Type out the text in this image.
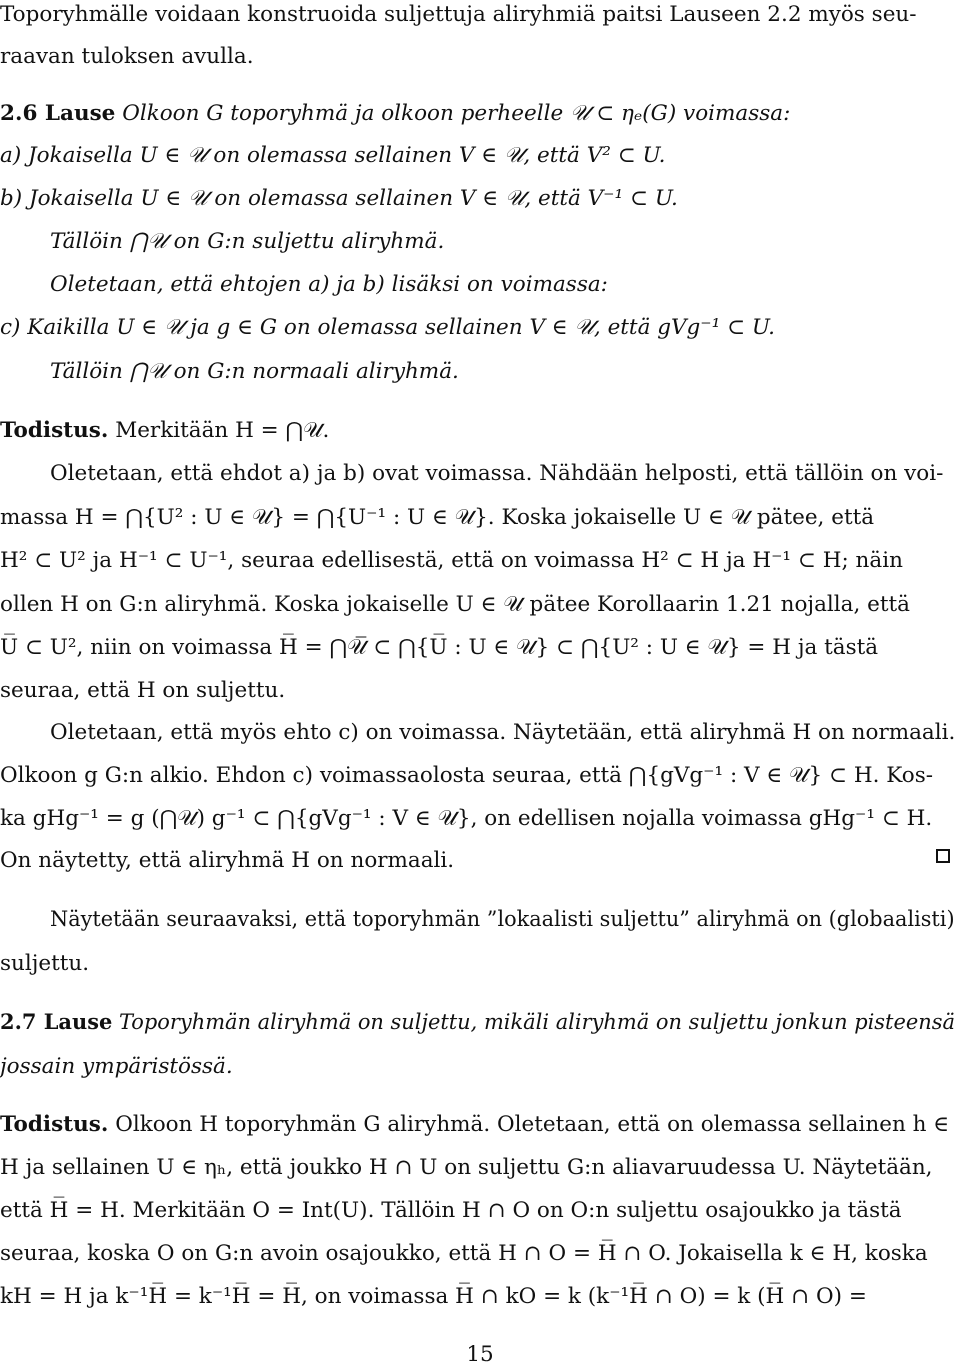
Toporyhmälle voidaan konstruoida suljettuja aliryhmiä paitsi Lauseen 2.2 myös seu-
raavan tuloksen avulla.
2.6 Lause Olkoon G toporyhmä ja olkoon perheelle 𝒰 ⊂ ηₑ(G) voimassa:
a) Jokaisella U ∈ 𝒰 on olemassa sellainen V ∈ 𝒰, että V² ⊂ U.
b) Jokaisella U ∈ 𝒰 on olemassa sellainen V ∈ 𝒰, että V⁻¹ ⊂ U.
Tällöin ⋂𝒰 on G:n suljettu aliryhmä.
Oletetaan, että ehtojen a) ja b) lisäksi on voimassa:
c) Kaikilla U ∈ 𝒰 ja g ∈ G on olemassa sellainen V ∈ 𝒰, että gVg⁻¹ ⊂ U.
Tällöin ⋂𝒰 on G:n normaali aliryhmä.
Todistus. Merkitään H = ⋂𝒰.
Oletetaan, että ehdot a) ja b) ovat voimassa. Nähdään helposti, että tällöin on voi-
massa H = ⋂{U² : U ∈ 𝒰} = ⋂{U⁻¹ : U ∈ 𝒰}. Koska jokaiselle U ∈ 𝒰 pätee, että
H² ⊂ U² ja H⁻¹ ⊂ U⁻¹, seuraa edellisestä, että on voimassa H² ⊂ H ja H⁻¹ ⊂ H; näin
ollen H on G:n aliryhmä. Koska jokaiselle U ∈ 𝒰 pätee Korollaarin 1.21 nojalla, että
U̅ ⊂ U², niin on voimassa H̅ = ⋂𝒰̅ ⊂ ⋂{U̅ : U ∈ 𝒰} ⊂ ⋂{U² : U ∈ 𝒰} = H ja tästä
seuraa, että H on suljettu.
Oletetaan, että myös ehto c) on voimassa. Näytetään, että aliryhmä H on normaali.
Olkoon g G:n alkio. Ehdon c) voimassaolosta seuraa, että ⋂{gVg⁻¹ : V ∈ 𝒰} ⊂ H. Kos-
ka gHg⁻¹ = g (⋂𝒰) g⁻¹ ⊂ ⋂{gVg⁻¹ : V ∈ 𝒰}, on edellisen nojalla voimassa gHg⁻¹ ⊂ H.
On näytetty, että aliryhmä H on normaali.
Näytetään seuraavaksi, että toporyhmän ”lokaalisti suljettu” aliryhmä on (globaalisti)
suljettu.
2.7 Lause Toporyhmän aliryhmä on suljettu, mikäli aliryhmä on suljettu jonkun pisteensä
jossain ympäristössä.
Todistus. Olkoon H toporyhmän G aliryhmä. Oletetaan, että on olemassa sellainen h ∈
H ja sellainen U ∈ ηₕ, että joukko H ∩ U on suljettu G:n aliavaruudessa U. Näytetään,
että H̅ = H. Merkitään O = Int(U). Tällöin H ∩ O on O:n suljettu osajoukko ja tästä
seuraa, koska O on G:n avoin osajoukko, että H ∩ O = H̅ ∩ O. Jokaisella k ∈ H, koska
kH = H ja k⁻¹H̅ = k⁻¹H̅ = H̅, on voimassa H̅ ∩ kO = k (k⁻¹H̅ ∩ O) = k (H̅ ∩ O) =
15
